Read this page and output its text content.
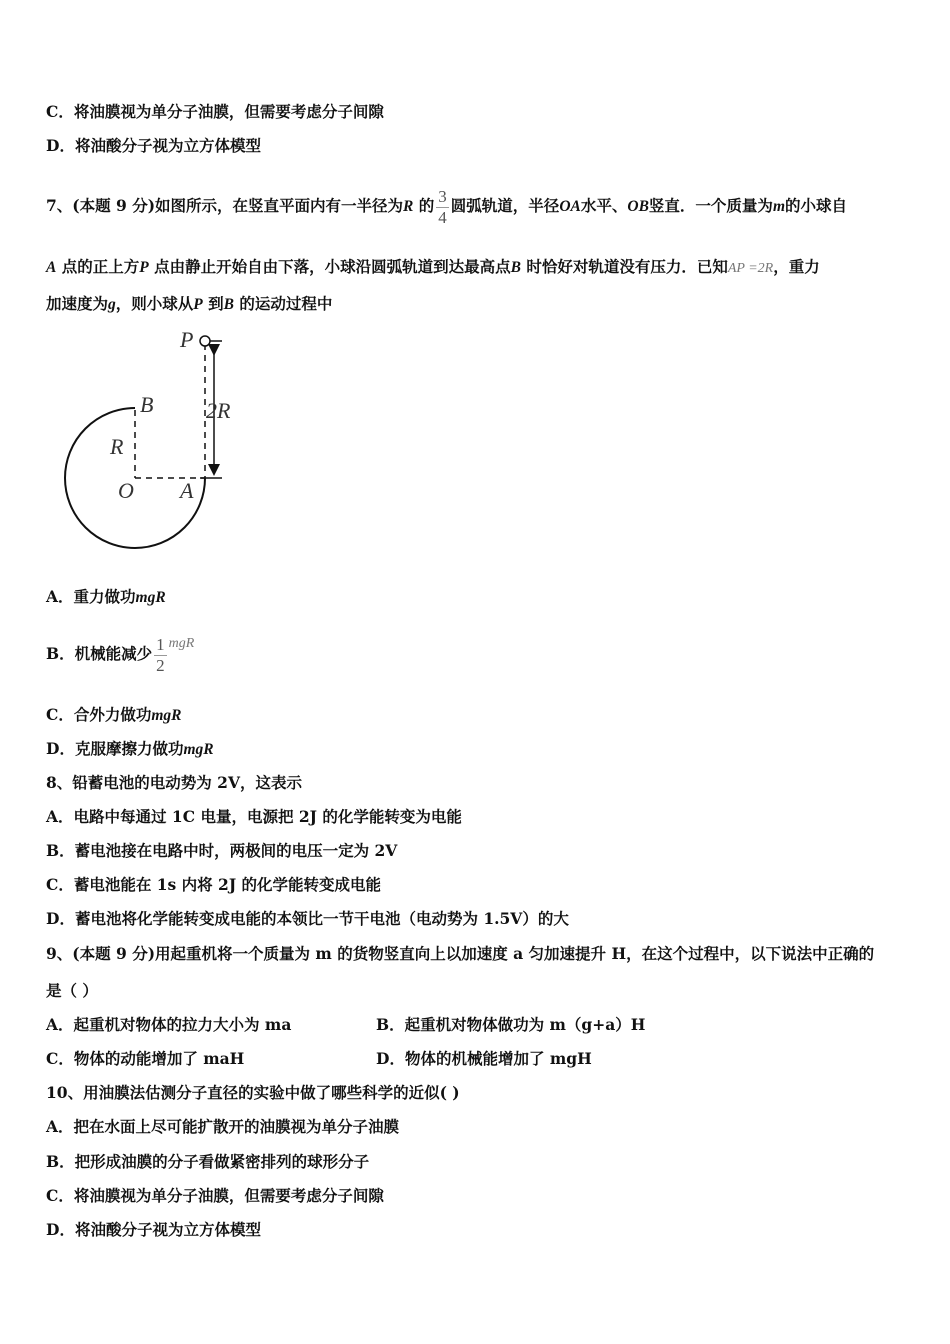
C．将油膜视为单分子油膜，但需要考虑分子间隙
D．将油酸分子视为立方体模型
7、(本题 9 分)如图所示，在竖直平面内有一半径为R 的 $\frac{3}{4}$ 圆弧轨道，半径OA水平、OB竖直．一个质量为m的小球自
A 点的正上方P 点由静止开始自由下落，小球沿圆弧轨道到达最高点B 时恰好对轨道没有压力．已知AP =2R，重力
加速度为g，则小球从P 到B 的运动过程中
P
B 2R
R
O A
A．重力做功mgR
B．机械能减少 $\frac{1}{2}$ mgR
C．合外力做功mgR
D．克服摩擦力做功mgR
8、铅蓄电池的电动势为 2V，这表示
A．电路中每通过 1C 电量，电源把 2J 的化学能转变为电能
B．蓄电池接在电路中时，两极间的电压一定为 2V
C．蓄电池能在 1s 内将 2J 的化学能转变成电能
D．蓄电池将化学能转变成电能的本领比一节干电池（电动势为 1.5V）的大
9、(本题 9 分)用起重机将一个质量为 m 的货物竖直向上以加速度 a 匀加速提升 H，在这个过程中，以下说法中正确的
是（ ）
A．起重机对物体的拉力大小为 ma	B．起重机对物体做功为 m（g+a）H
C．物体的动能增加了 maH	D．物体的机械能增加了 mgH
10、用油膜法估测分子直径的实验中做了哪些科学的近似( )
A．把在水面上尽可能扩散开的油膜视为单分子油膜
B．把形成油膜的分子看做紧密排列的球形分子
C．将油膜视为单分子油膜，但需要考虑分子间隙
D．将油酸分子视为立方体模型
